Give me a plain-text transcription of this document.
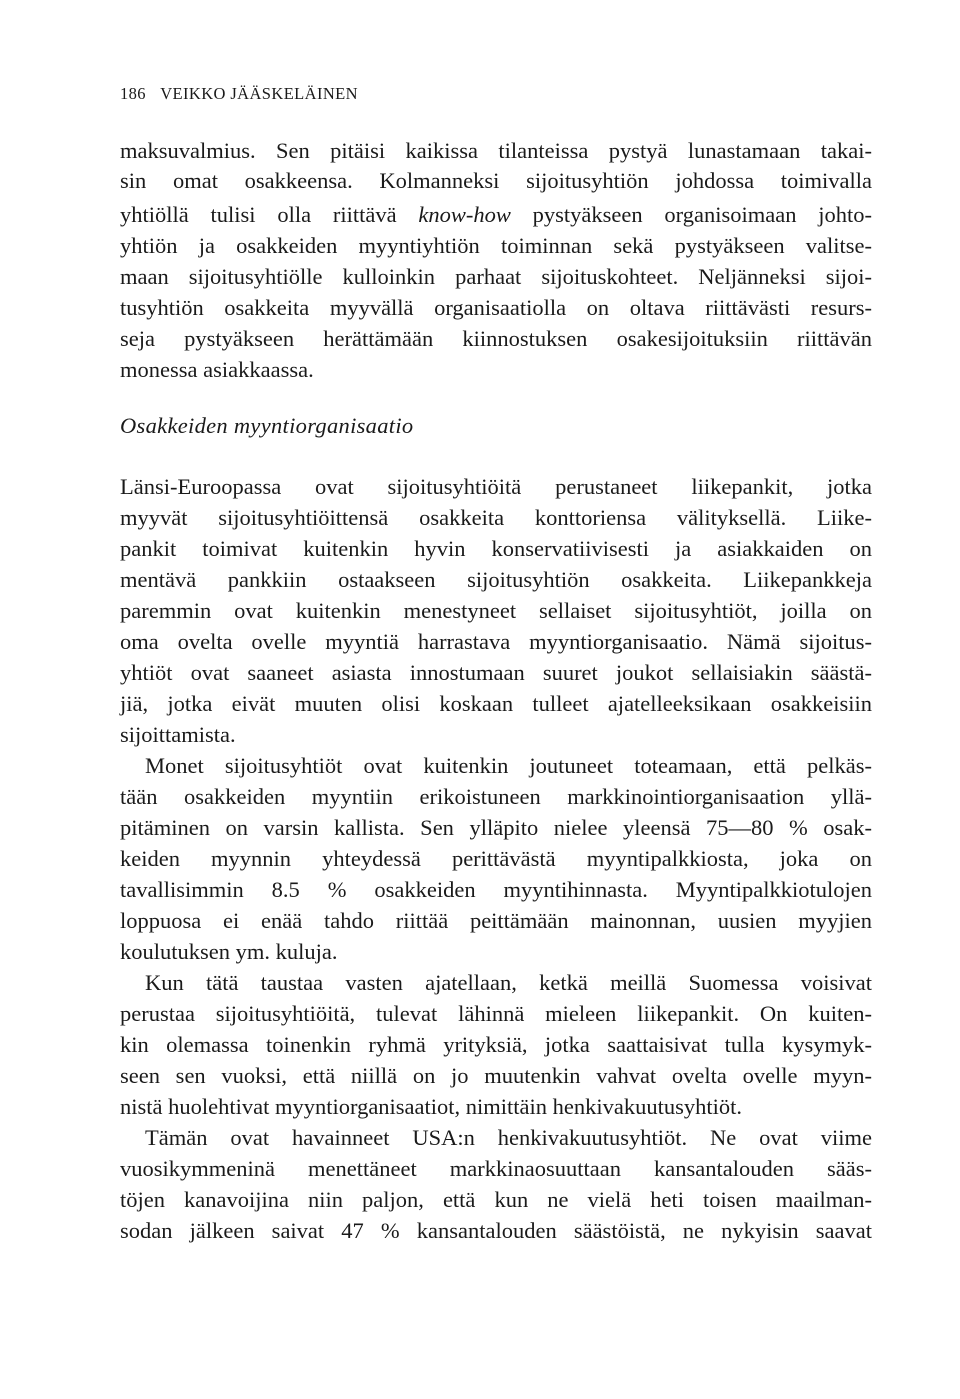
186 VEIKKO JÄÄSKELÄINEN
maksuvalmius. Sen pitäisi kaikissa tilanteissa pystyä lunastamaan takai-
sin omat osakkeensa. Kolmanneksi sijoitusyhtiön johdossa toimivalla
yhtiöllä tulisi olla riittävä know-how pystyäkseen organisoimaan johto-
yhtiön ja osakkeiden myyntiyhtiön toiminnan sekä pystyäkseen valitse-
maan sijoitusyhtiölle kulloinkin parhaat sijoituskohteet. Neljänneksi sijoi-
tusyhtiön osakkeita myyvällä organisaatiolla on oltava riittävästi resurs-
seja pystyäkseen herättämään kiinnostuksen osakesijoituksiin riittävän
monessa asiakkaassa.
Osakkeiden myyntiorganisaatio
Länsi-Euroopassa ovat sijoitusyhtiöitä perustaneet liikepankit, jotka
myyvät sijoitusyhtiöittensä osakkeita konttoriensa välityksellä. Liike-
pankit toimivat kuitenkin hyvin konservatiivisesti ja asiakkaiden on
mentävä pankkiin ostaakseen sijoitusyhtiön osakkeita. Liikepankkeja
paremmin ovat kuitenkin menestyneet sellaiset sijoitusyhtiöt, joilla on
oma ovelta ovelle myyntiä harrastava myyntiorganisaatio. Nämä sijoitus-
yhtiöt ovat saaneet asiasta innostumaan suuret joukot sellaisiakin säästä-
jiä, jotka eivät muuten olisi koskaan tulleet ajatelleeksikaan osakkeisiin
sijoittamista.
Monet sijoitusyhtiöt ovat kuitenkin joutuneet toteamaan, että pelkäs-
tään osakkeiden myyntiin erikoistuneen markkinointiorganisaation yllä-
pitäminen on varsin kallista. Sen ylläpito nielee yleensä 75—80 % osak-
keiden myynnin yhteydessä perittävästä myyntipalkkiosta, joka on
tavallisimmin 8.5 % osakkeiden myyntihinnasta. Myyntipalkkiotulojen
loppuosa ei enää tahdo riittää peittämään mainonnan, uusien myyjien
koulutuksen ym. kuluja.
Kun tätä taustaa vasten ajatellaan, ketkä meillä Suomessa voisivat
perustaa sijoitusyhtiöitä, tulevat lähinnä mieleen liikepankit. On kuiten-
kin olemassa toinenkin ryhmä yrityksiä, jotka saattaisivat tulla kysymyk-
seen sen vuoksi, että niillä on jo muutenkin vahvat ovelta ovelle myyn-
nistä huolehtivat myyntiorganisaatiot, nimittäin henkivakuutusyhtiöt.
Tämän ovat havainneet USA:n henkivakuutusyhtiöt. Ne ovat viime
vuosikymmeninä menettäneet markkinaosuuttaan kansantalouden sääs-
töjen kanavoijina niin paljon, että kun ne vielä heti toisen maailman-
sodan jälkeen saivat 47 % kansantalouden säästöistä, ne nykyisin saavat
